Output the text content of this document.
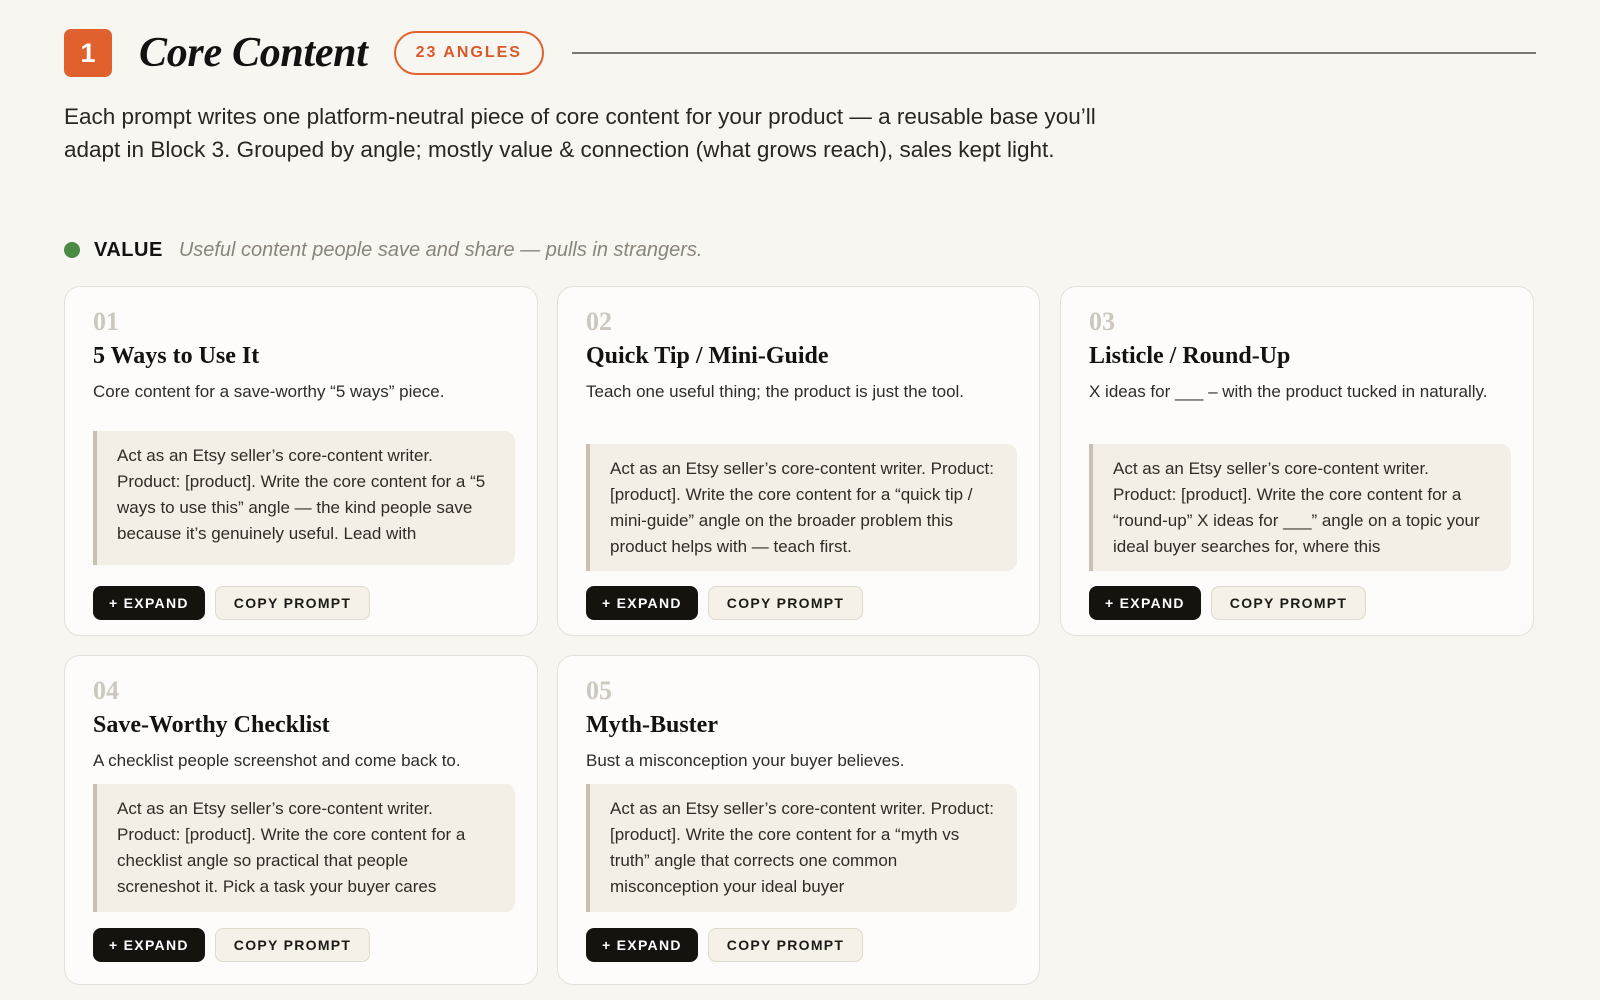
1	Core Content	23 ANGLES

Each prompt writes one platform-neutral piece of core content for your product — a reusable base you’ll adapt in Block 3. Grouped by angle; mostly value & connection (what grows reach), sales kept light.

VALUE Useful content people save and share — pulls in strangers.
01
5 Ways to Use It
Core content for a save-worthy “5 ways” piece.
Act as an Etsy seller’s core-content writer. Product: [product]. Write the core content for a “5 ways to use this” angle — the kind people save because it’s genuinely useful. Lead with
+ EXPAND	COPY PROMPT
02
Quick Tip / Mini-Guide
Teach one useful thing; the product is just the tool.
Act as an Etsy seller’s core-content writer. Product: [product]. Write the core content for a “quick tip / mini-guide” angle on the broader problem this product helps with — teach first.
+ EXPAND	COPY PROMPT
03
Listicle / Round-Up
X ideas for ___ – with the product tucked in naturally.
Act as an Etsy seller’s core-content writer. Product: [product]. Write the core content for a “round-up” X ideas for ___” angle on a topic your ideal buyer searches for, where this
+ EXPAND	COPY PROMPT
04
Save-Worthy Checklist
A checklist people screenshot and come back to.
Act as an Etsy seller’s core-content writer. Product: [product]. Write the core content for a checklist angle so practical that people screneshot it. Pick a task your buyer cares
+ EXPAND	COPY PROMPT
05
Myth-Buster
Bust a misconception your buyer believes.
Act as an Etsy seller’s core-content writer. Product: [product]. Write the core content for a “myth vs truth” angle that corrects one common misconception your ideal buyer
+ EXPAND	COPY PROMPT
